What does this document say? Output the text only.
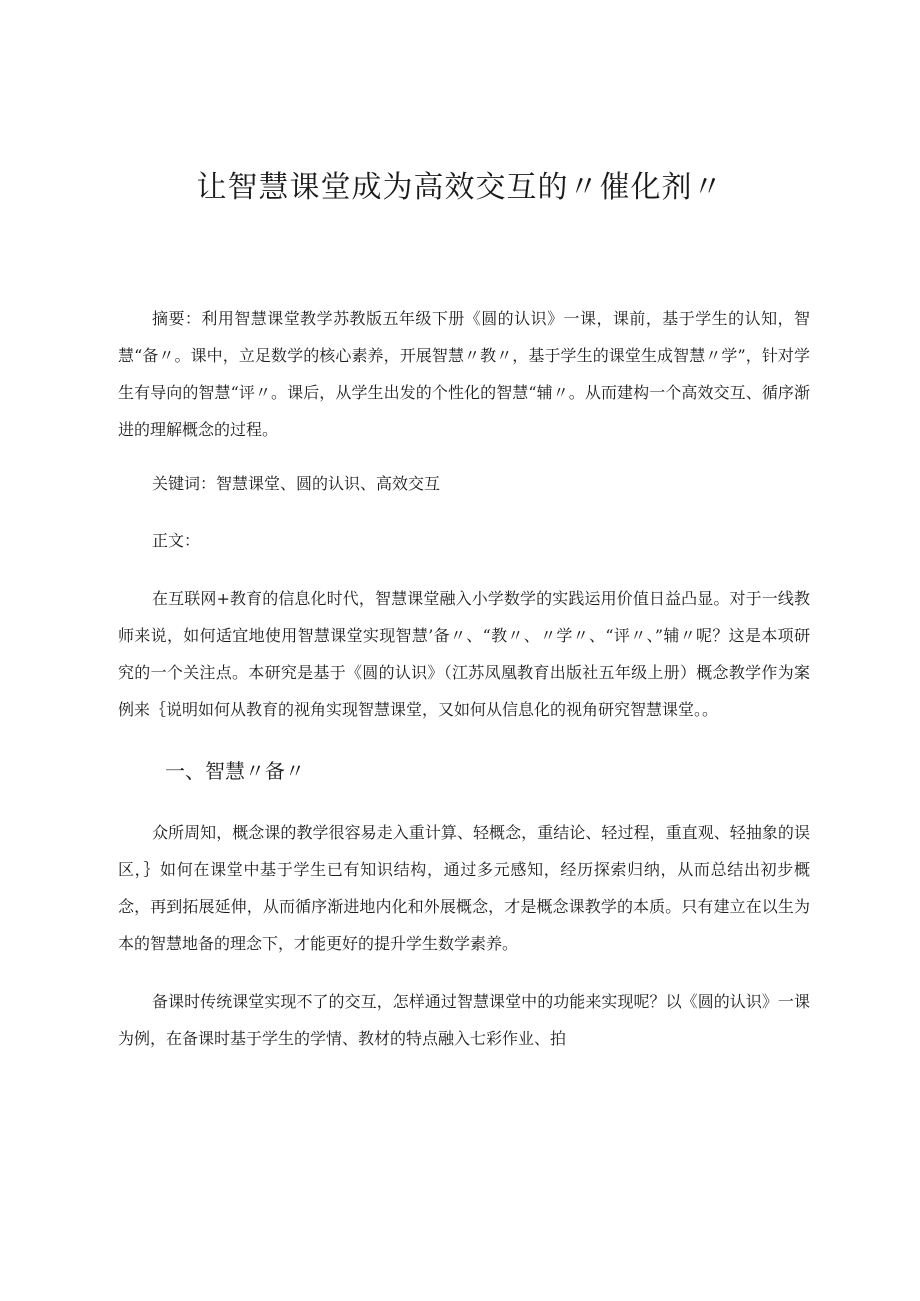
让智慧课堂成为高效交互的〃催化剂〃

摘要：利用智慧课堂教学苏教版五年级下册《圆的认识》一课，课前，基于学生的认知，智慧“备〃。课中，立足数学的核心素养，开展智慧〃教〃，基于学生的课堂生成智慧〃学”，针对学生有导向的智慧“评〃。课后，从学生出发的个性化的智慧“辅〃。从而建构一个高效交互、循序渐进的理解概念的过程。

关键词：智慧课堂、圆的认识、高效交互

正文：

在互联网+教育的信息化时代，智慧课堂融入小学数学的实践运用价值日益凸显。对于一线教师来说，如何适宜地使用智慧课堂实现智慧’备〃、“教〃、〃学〃、“评〃、”辅〃呢？这是本项研究的一个关注点。本研究是基于《圆的认识》（江苏凤凰教育出版社五年级上册）概念教学作为案例来｛说明如何从教育的视角实现智慧课堂，又如何从信息化的视角研究智慧课堂。。

一、智慧〃备〃

众所周知，概念课的教学很容易走入重计算、轻概念，重结论、轻过程，重直观、轻抽象的误区，｝如何在课堂中基于学生已有知识结构，通过多元感知，经历探索归纳，从而总结出初步概念，再到拓展延伸，从而循序渐进地内化和外展概念，才是概念课教学的本质。只有建立在以生为本的智慧地备的理念下，才能更好的提升学生数学素养。

备课时传统课堂实现不了的交互，怎样通过智慧课堂中的功能来实现呢？以《圆的认识》一课为例，在备课时基于学生的学情、教材的特点融入七彩作业、拍
